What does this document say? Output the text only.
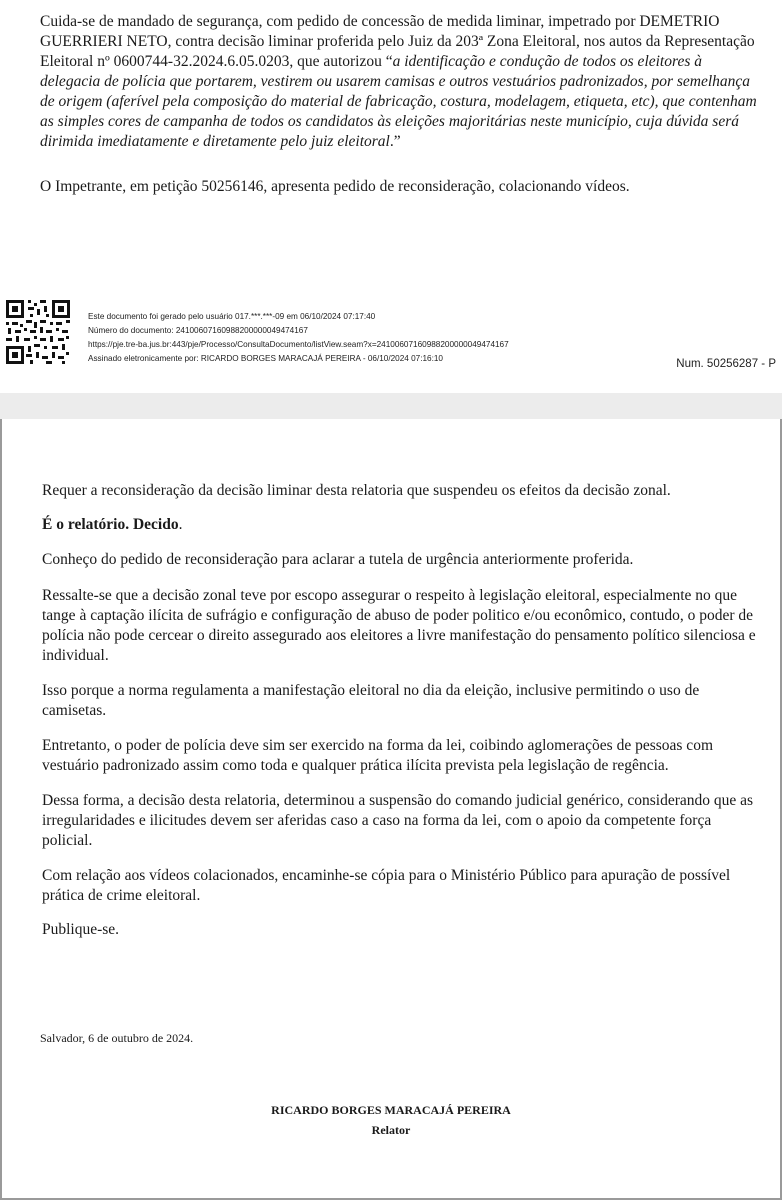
Cuida-se de mandado de segurança, com pedido de concessão de medida liminar, impetrado por DEMETRIO GUERRIERI NETO, contra decisão liminar proferida pelo Juiz da 203ª Zona Eleitoral, nos autos da Representação Eleitoral nº 0600744-32.2024.6.05.0203, que autorizou “a identificação e condução de todos os eleitores à delegacia de polícia que portarem, vestirem ou usarem camisas e outros vestuários padronizados, por semelhança de origem (aferível pela composição do material de fabricação, costura, modelagem, etiqueta, etc), que contenham as simples cores de campanha de todos os candidatos às eleições majoritárias neste município, cuja dúvida será dirimida imediatamente e diretamente pelo juiz eleitoral.”

O Impetrante, em petição 50256146, apresenta pedido de reconsideração, colacionando vídeos.

Este documento foi gerado pelo usuário 017.***.***-09 em 06/10/2024 07:17:40
Número do documento: 24100607160988200000049474167
https://pje.tre-ba.jus.br:443/pje/Processo/ConsultaDocumento/listView.seam?x=24100607160988200000049474167
Assinado eletronicamente por: RICARDO BORGES MARACAJÁ PEREIRA - 06/10/2024 07:16:10	Num. 50256287 - P

Requer a reconsideração da decisão liminar desta relatoria que suspendeu os efeitos da decisão zonal.

É o relatório. Decido.

Conheço do pedido de reconsideração para aclarar a tutela de urgência anteriormente proferida.

Ressalte-se que a decisão zonal teve por escopo assegurar o respeito à legislação eleitoral, especialmente no que tange à captação ilícita de sufrágio e configuração de abuso de poder politico e/ou econômico, contudo, o poder de polícia não pode cercear o direito assegurado aos eleitores a livre manifestação do pensamento político silenciosa e individual.

Isso porque a norma regulamenta a manifestação eleitoral no dia da eleição, inclusive permitindo o uso de camisetas.

Entretanto, o poder de polícia deve sim ser exercido na forma da lei, coibindo aglomerações de pessoas com vestuário padronizado assim como toda e qualquer prática ilícita prevista pela legislação de regência.

Dessa forma, a decisão desta relatoria, determinou a suspensão do comando judicial genérico, considerando que as irregularidades e ilicitudes devem ser aferidas caso a caso na forma da lei, com o apoio da competente força policial.

Com relação aos vídeos colacionados, encaminhe-se cópia para o Ministério Público para apuração de possível prática de crime eleitoral.

Publique-se.

Salvador, 6 de outubro de 2024.
RICARDO BORGES MARACAJÁ PEREIRA
Relator
